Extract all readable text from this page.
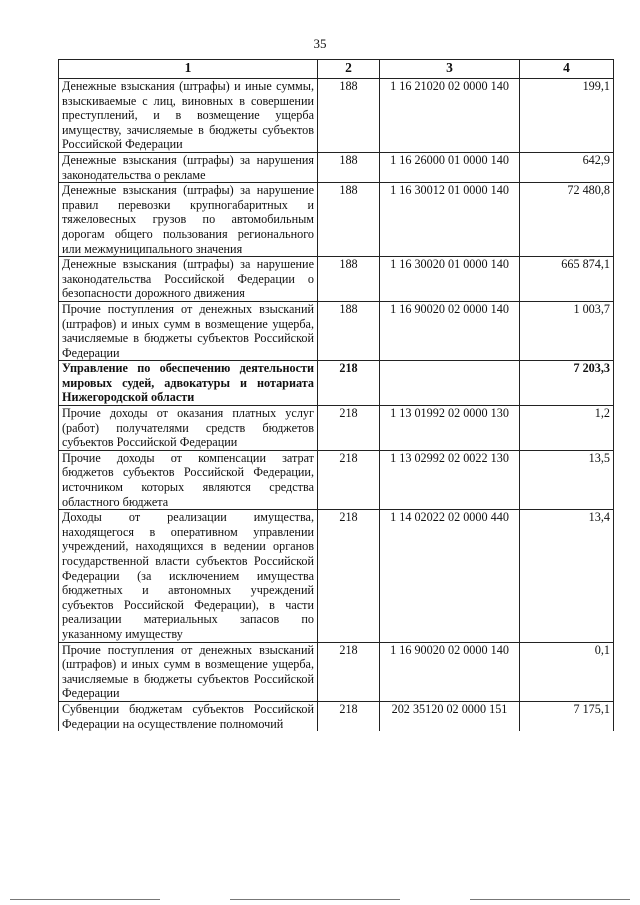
35
1	2	3	4
Денежные взыскания (штрафы) и иные суммы, взыскиваемые с лиц, виновных в совершении преступлений, и в возмещение ущерба имуществу, зачисляемые в бюджеты субъектов Российской Федерации	188	1 16 21020 02 0000 140	199,1
Денежные взыскания (штрафы) за нарушения законодательства о рекламе	188	1 16 26000 01 0000 140	642,9
Денежные взыскания (штрафы) за нарушение правил перевозки крупногабаритных и тяжеловесных грузов по автомобильным дорогам общего пользования регионального или межмуниципального значения	188	1 16 30012 01 0000 140	72 480,8
Денежные взыскания (штрафы) за нарушение законодательства Российской Федерации о безопасности дорожного движения	188	1 16 30020 01 0000 140	665 874,1
Прочие поступления от денежных взысканий (штрафов) и иных сумм в возмещение ущерба, зачисляемые в бюджеты субъектов Российской Федерации	188	1 16 90020 02 0000 140	1 003,7
Управление по обеспечению деятельности мировых судей, адвокатуры и нотариата Нижегородской области	218		7 203,3
Прочие доходы от оказания платных услуг (работ) получателями средств бюджетов субъектов Российской Федерации	218	1 13 01992 02 0000 130	1,2
Прочие доходы от компенсации затрат бюджетов субъектов Российской Федерации, источником которых являются средства областного бюджета	218	1 13 02992 02 0022 130	13,5
Доходы от реализации имущества, находящегося в оперативном управлении учреждений, находящихся в ведении органов государственной власти субъектов Российской Федерации (за исключением имущества бюджетных и автономных учреждений субъектов Российской Федерации), в части реализации материальных запасов по указанному имуществу	218	1 14 02022 02 0000 440	13,4
Прочие поступления от денежных взысканий (штрафов) и иных сумм в возмещение ущерба, зачисляемые в бюджеты субъектов Российской Федерации	218	1 16 90020 02 0000 140	0,1
Субвенции бюджетам субъектов Российской Федерации на осуществление полномочий	218	202 35120 02 0000 151	7 175,1
